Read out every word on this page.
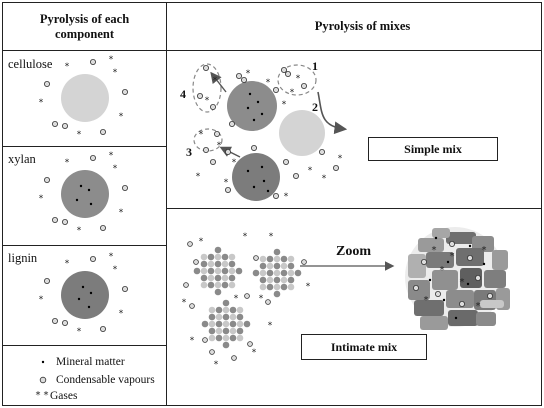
*
*
*
*
*
*
*
*
*
*
*
*
*
*
*
*
*
*
*
*
*
*
*
*
*
*
*
*
*
*
*
*
*
*
*	* *
*	* *
*
*
*
*
*
*
*
*
*
*
*	*
* *
Pyrolysis of each component
Pyrolysis of mixes
cellulose
xylan
lignin
1
2
3
4
Simple mix
Zoom
Intimate mix
Mineral matter
Condensable vapours
Gases
